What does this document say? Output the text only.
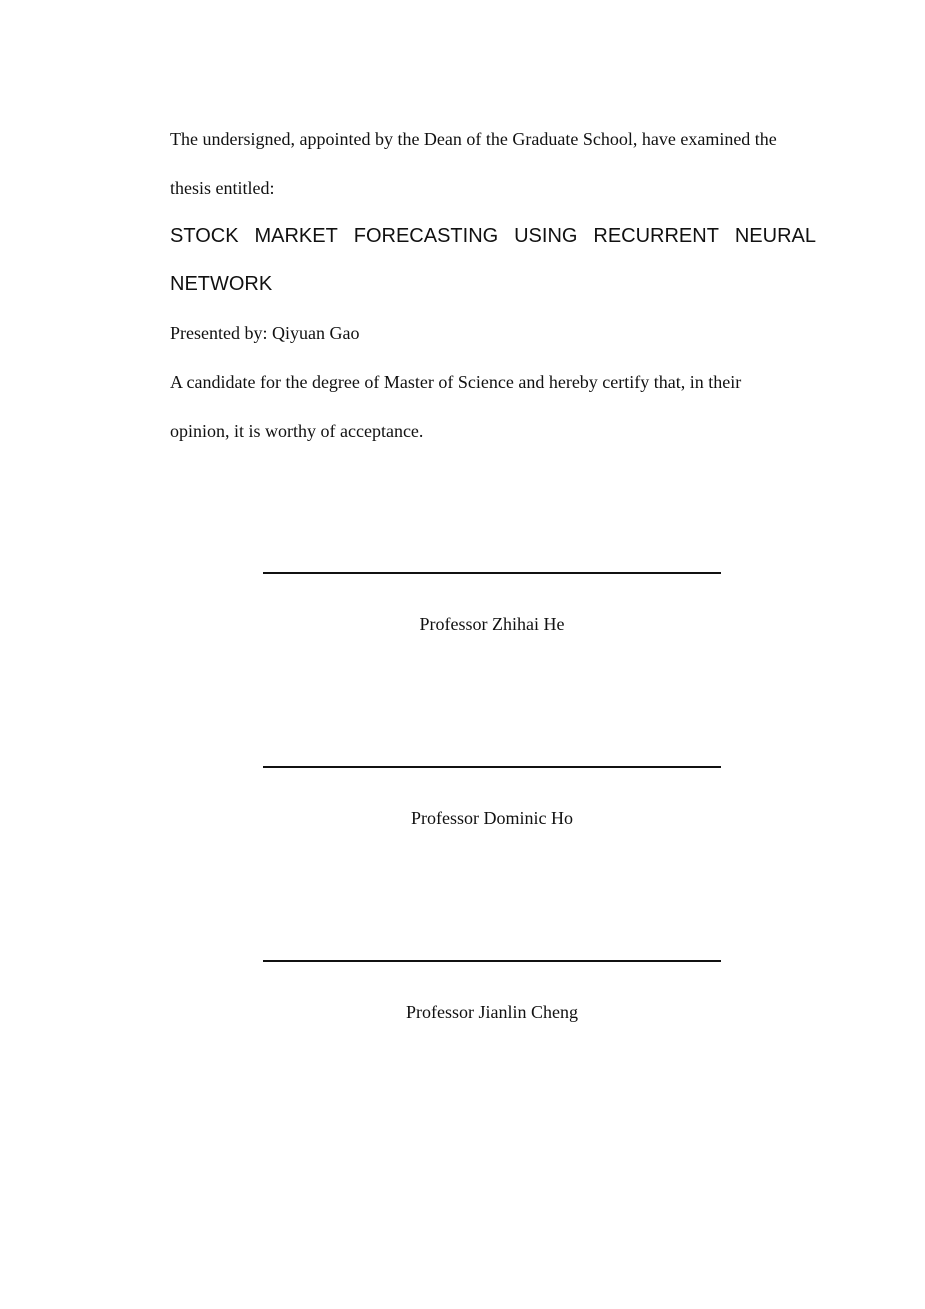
The undersigned, appointed by the Dean of the Graduate School, have examined the
thesis entitled:
STOCK MARKET FORECASTING USING RECURRENT NEURAL
NETWORK
Presented by: Qiyuan Gao
A candidate for the degree of Master of Science and hereby certify that, in their
opinion, it is worthy of acceptance.
Professor Zhihai He
Professor Dominic Ho
Professor Jianlin Cheng
